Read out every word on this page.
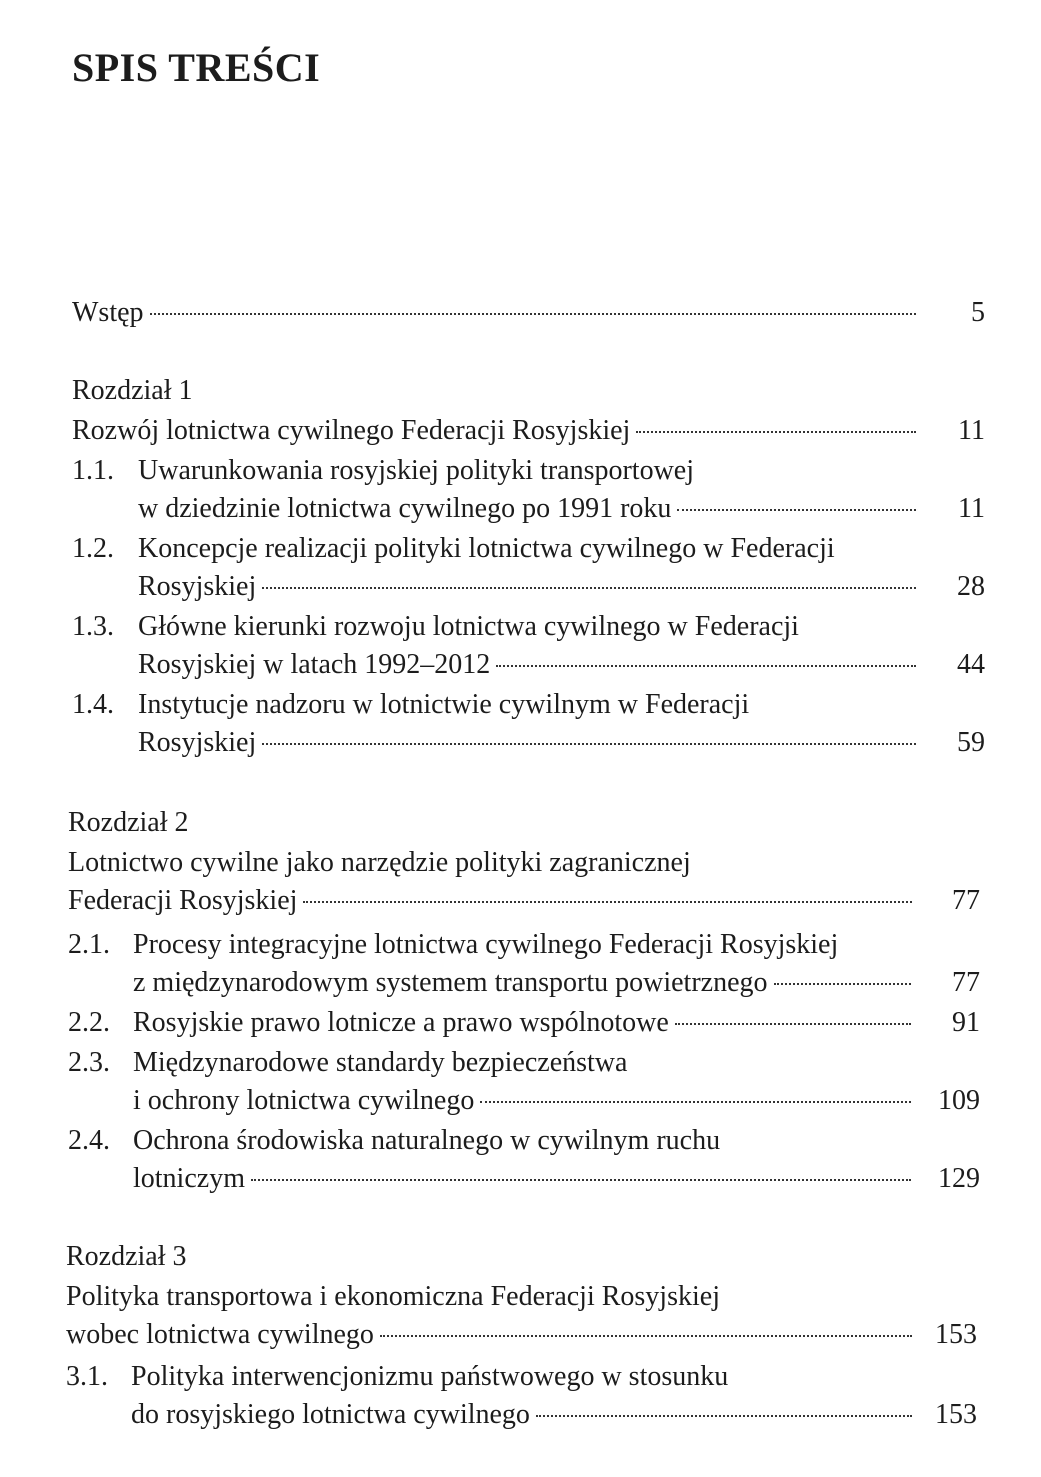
SPIS TREŚCI
Wstęp	5
Rozdział 1
Rozwój lotnictwa cywilnego Federacji Rosyjskiej	11
1.1. Uwarunkowania rosyjskiej polityki transportowej
w dziedzinie lotnictwa cywilnego po 1991 roku	11
1.2. Koncepcje realizacji polityki lotnictwa cywilnego w Federacji
Rosyjskiej	28
1.3. Główne kierunki rozwoju lotnictwa cywilnego w Federacji
Rosyjskiej w latach 1992–2012	44
1.4. Instytucje nadzoru w lotnictwie cywilnym w Federacji
Rosyjskiej	59
Rozdział 2
Lotnictwo cywilne jako narzędzie polityki zagranicznej
Federacji Rosyjskiej	77
2.1. Procesy integracyjne lotnictwa cywilnego Federacji Rosyjskiej
z międzynarodowym systemem transportu powietrznego	77
2.2. Rosyjskie prawo lotnicze a prawo wspólnotowe	91
2.3. Międzynarodowe standardy bezpieczeństwa
i ochrony lotnictwa cywilnego	109
2.4. Ochrona środowiska naturalnego w cywilnym ruchu
lotniczym	129
Rozdział 3
Polityka transportowa i ekonomiczna Federacji Rosyjskiej
wobec lotnictwa cywilnego	153
3.1. Polityka interwencjonizmu państwowego w stosunku
do rosyjskiego lotnictwa cywilnego	153
